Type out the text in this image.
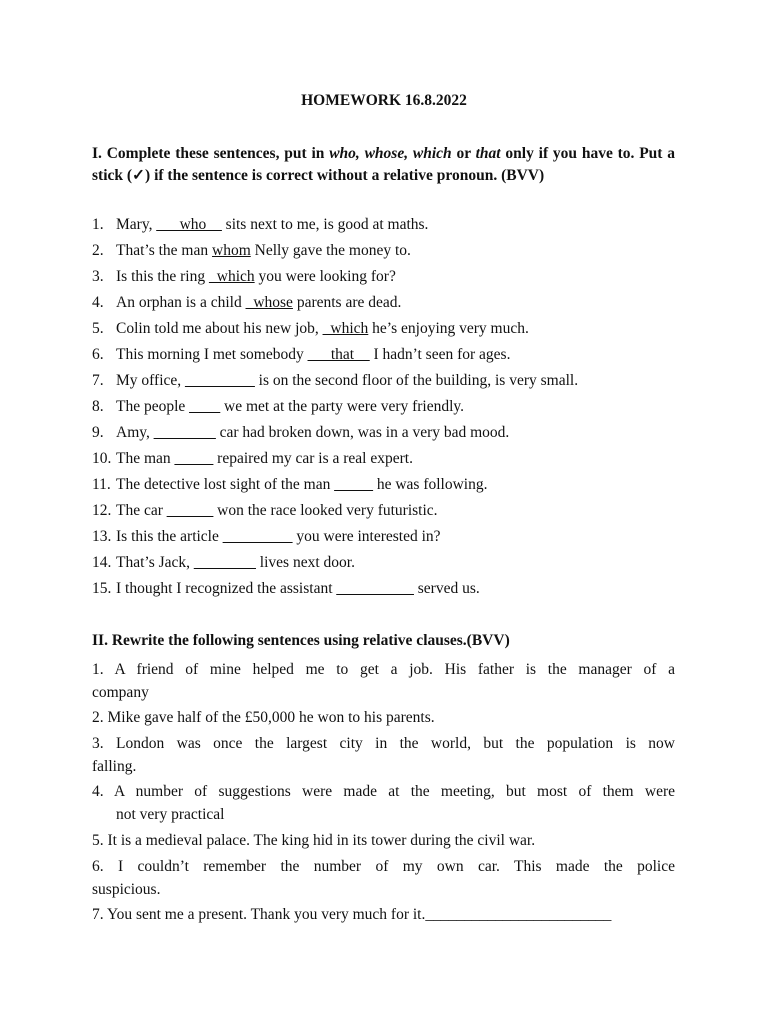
HOMEWORK 16.8.2022
I. Complete these sentences, put in who, whose, which or that only if you have to. Put a stick (✓) if the sentence is correct without a relative pronoun. (BVV)
1. Mary, ___who__ sits next to me, is good at maths.
2. That’s the man whom Nelly gave the money to.
3. Is this the ring _which you were looking for?
4. An orphan is a child _whose parents are dead.
5. Colin told me about his new job, _which he’s enjoying very much.
6. This morning I met somebody ___that__ I hadn’t seen for ages.
7. My office, _________ is on the second floor of the building, is very small.
8. The people ____ we met at the party were very friendly.
9. Amy, ________ car had broken down, was in a very bad mood.
10. The man _____ repaired my car is a real expert.
11. The detective lost sight of the man _____ he was following.
12. The car ______ won the race looked very futuristic.
13. Is this the article _________ you were interested in?
14. That’s Jack, ________ lives next door.
15. I thought I recognized the assistant __________ served us.
II. Rewrite the following sentences using relative clauses.(BVV)
1. A friend of mine helped me to get a job. His father is the manager of a
company
2. Mike gave half of the £50,000 he won to his parents.
3. London was once the largest city in the world, but the population is now
falling.
4. A number of suggestions were made at the meeting, but most of them were
not very practical
5. It is a medieval palace. The king hid in its tower during the civil war.
6. I couldn’t remember the number of my own car. This made the police
suspicious.
7. You sent me a present. Thank you very much for it.________________________
